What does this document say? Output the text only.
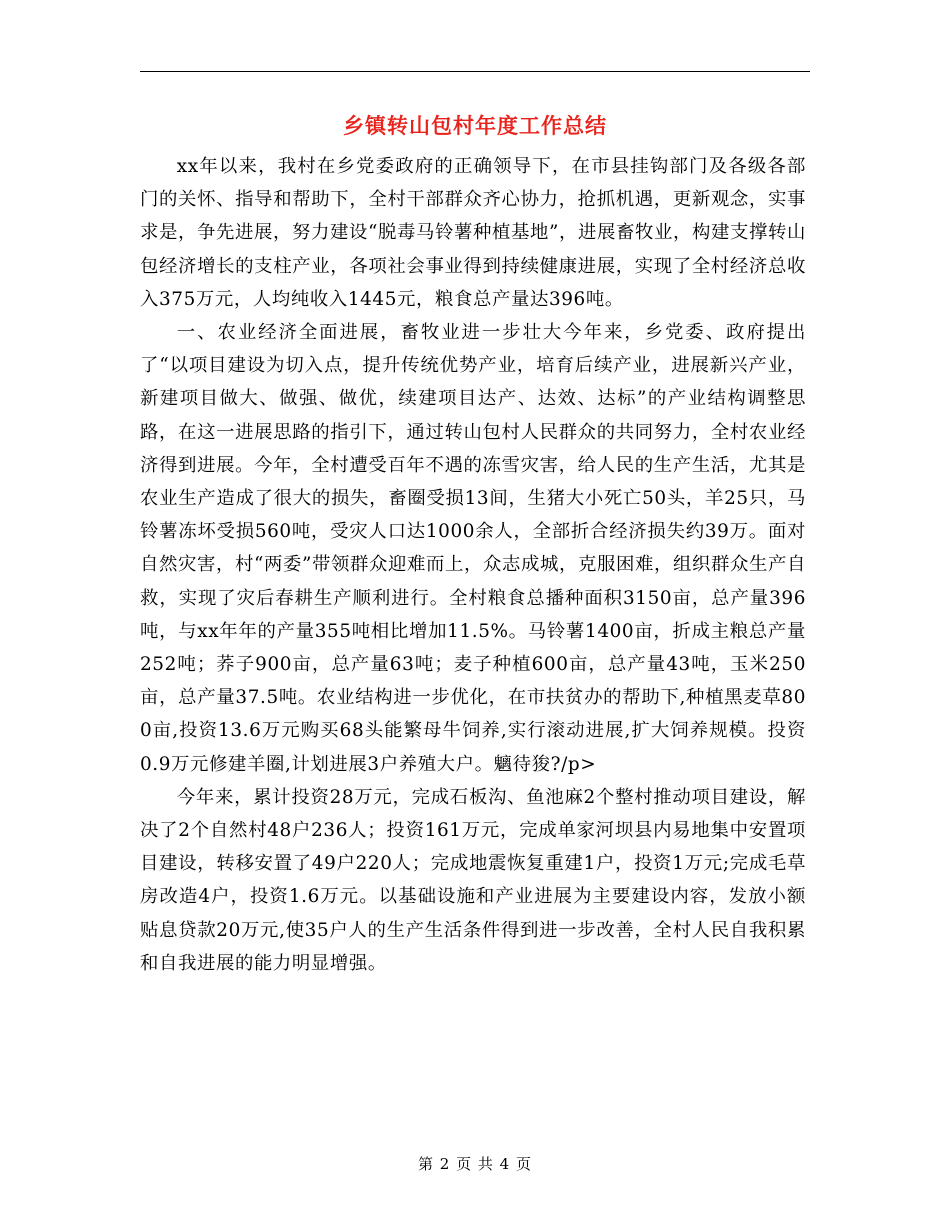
乡镇转山包村年度工作总结

xx年以来，我村在乡党委政府的正确领导下，在市县挂钩部门及各级各部门的关怀、指导和帮助下，全村干部群众齐心协力，抢抓机遇，更新观念，实事求是，争先进展，努力建设“脱毒马铃薯种植基地”，进展畜牧业，构建支撑转山包经济增长的支柱产业，各项社会事业得到持续健康进展，实现了全村经济总收入375万元，人均纯收入1445元，粮食总产量达396吨。

一、农业经济全面进展，畜牧业进一步壮大今年来，乡党委、政府提出了“以项目建设为切入点，提升传统优势产业，培育后续产业，进展新兴产业，新建项目做大、做强、做优，续建项目达产、达效、达标”的产业结构调整思路，在这一进展思路的指引下，通过转山包村人民群众的共同努力，全村农业经济得到进展。今年，全村遭受百年不遇的冻雪灾害，给人民的生产生活，尤其是农业生产造成了很大的损失，畜圈受损13间，生猪大小死亡50头，羊25只，马铃薯冻坏受损560吨，受灾人口达1000余人，全部折合经济损失约39万。面对自然灾害，村“两委”带领群众迎难而上，众志成城，克服困难，组织群众生产自救，实现了灾后春耕生产顺利进行。全村粮食总播种面积3150亩，总产量396吨，与xx年年的产量355吨相比增加11.5%。马铃薯1400亩，折成主粮总产量252吨；荞子900亩，总产量63吨；麦子种植600亩，总产量43吨，玉米250亩，总产量37.5吨。农业结构进一步优化，在市扶贫办的帮助下,种植黑麦草800亩,投资13.6万元购买68头能繁母牛饲养,实行滚动进展,扩大饲养规模。投资0.9万元修建羊圈,计划进展3户养殖大户。魑待狻?/p>

今年来，累计投资28万元，完成石板沟、鱼池麻2个整村推动项目建设，解决了2个自然村48户236人；投资161万元，完成单家河坝县内易地集中安置项目建设，转移安置了49户220人；完成地震恢复重建1户，投资1万元;完成毛草房改造4户，投资1.6万元。以基础设施和产业进展为主要建设内容，发放小额贴息贷款20万元,使35户人的生产生活条件得到进一步改善，全村人民自我积累和自我进展的能力明显增强。

第 2 页 共 4 页
